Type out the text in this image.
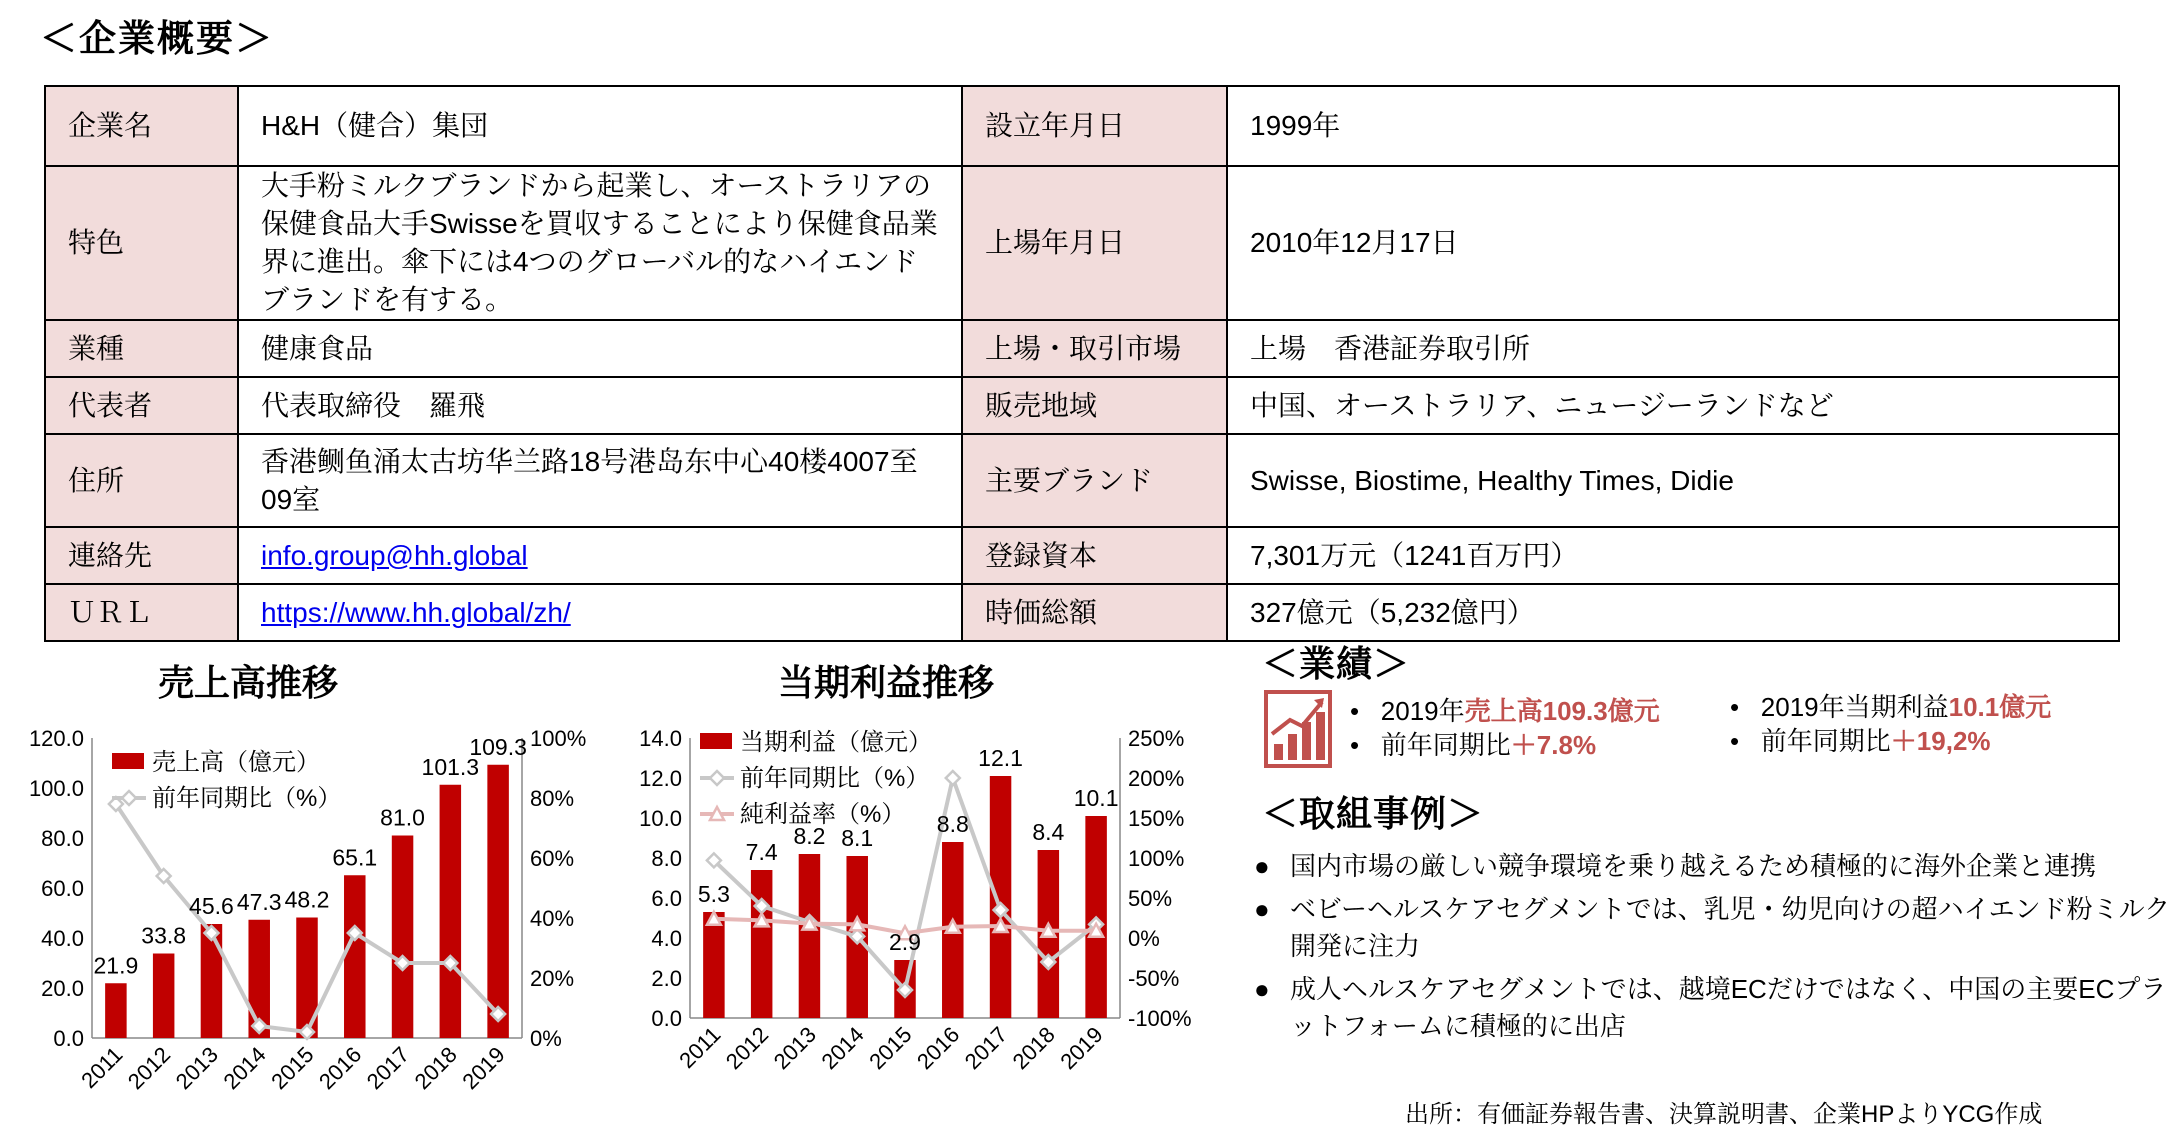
＜企業概要＞
企業名	H&H（健合）集団	設立年月日	1999年
特色	大手粉ミルクブランドから起業し、オーストラリアの保健食品大手Swisseを買収することにより保健食品業界に進出。傘下には4つのグローバル的なハイエンドブランドを有する。	上場年月日	2010年12月17日
業種	健康食品	上場・取引市場	上場　香港証券取引所
代表者	代表取締役　羅飛	販売地域	中国、オーストラリア、ニュージーランドなど
住所	香港鲗鱼涌太古坊华兰路18号港岛东中心40楼4007至09室	主要ブランド	Swisse, Biostime, Healthy Times, Didie
連絡先	info.group@hh.global	登録資本	7,301万元（1241百万円）
ＵＲＬ	https://www.hh.global/zh/	時価総額	327億元（5,232億円）
売上高推移
0.0
20.0
40.0
60.0
80.0
100.0
120.0
0%
20%
40%
60%
80%
100%
21.9
33.8
45.6 47.3 48.2
65.1
81.0
101.3
109.3
2011
2012
2013
2014
2015
2016
2017
2018
2019
売上高（億元）
前年同期比（%）
当期利益推移
0.0
2.0
4.0
6.0
8.0
10.0
12.0
14.0
-100%
-50%
0%
50%
100%
150%
200%
250%
5.3
7.4
8.2 8.1
2.9
8.8
12.1
8.4
10.1
2011
2012
2013
2014
2015
2016
2017
2018
2019
当期利益（億元）
前年同期比（%）
純利益率（%）
＜業績＞
• 2019年売上高109.3億元
• 前年同期比＋7.8%
• 2019年当期利益10.1億元
• 前年同期比＋19,2%
＜取組事例＞
● 国内市場の厳しい競争環境を乗り越えるため積極的に海外企業と連携
● ベビーヘルスケアセグメントでは、乳児・幼児向けの超ハイエンド粉ミルク開発に注力
● 成人ヘルスケアセグメントでは、越境ECだけではなく、中国の主要ECプラットフォームに積極的に出店
出所：有価証券報告書、決算説明書、企業HPよりYCG作成
